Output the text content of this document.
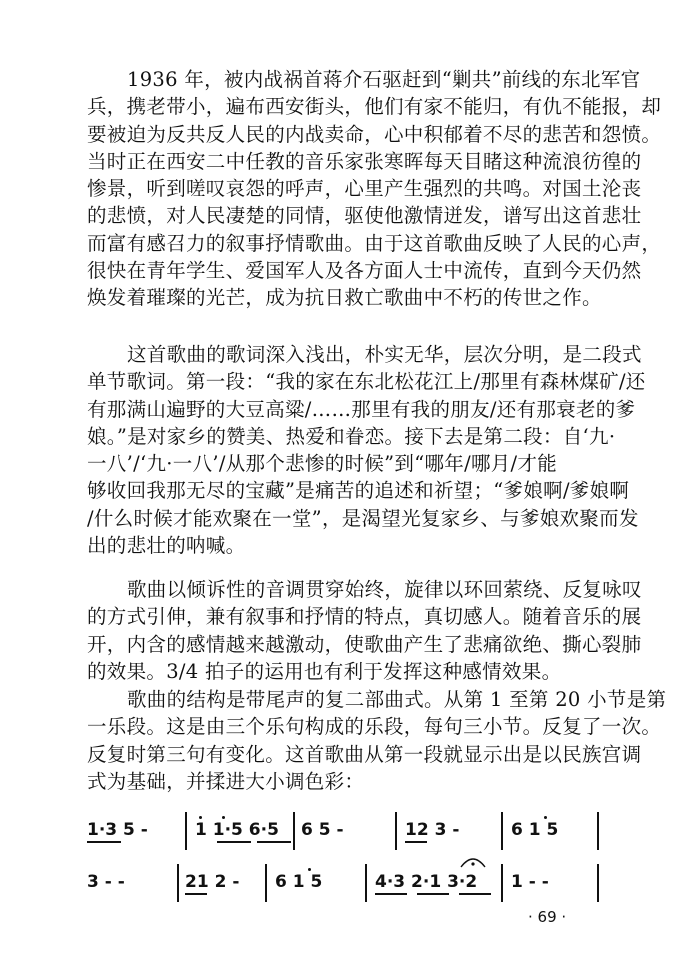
1936 年，被内战祸首蒋介石驱赶到“剿共”前线的东北军官
兵，携老带小，遍布西安街头，他们有家不能归，有仇不能报，却
要被迫为反共反人民的内战卖命，心中积郁着不尽的悲苦和怨愤。
当时正在西安二中任教的音乐家张寒晖每天目睹这种流浪彷徨的
惨景，听到嗟叹哀怨的呼声，心里产生强烈的共鸣。对国土沦丧
的悲愤，对人民凄楚的同情，驱使他激情迸发，谱写出这首悲壮
而富有感召力的叙事抒情歌曲。由于这首歌曲反映了人民的心声，
很快在青年学生、爱国军人及各方面人士中流传，直到今天仍然
焕发着璀璨的光芒，成为抗日救亡歌曲中不朽的传世之作。
这首歌曲的歌词深入浅出，朴实无华，层次分明，是二段式
单节歌词。第一段：“我的家在东北松花江上/那里有森林煤矿/还
有那满山遍野的大豆高粱/……那里有我的朋友/还有那衰老的爹
娘。”是对家乡的赞美、热爱和眷恋。接下去是第二段：自‘九·
一八’/‘九·一八’/从那个悲惨的时候”到“哪年/哪月/才能
够收回我那无尽的宝藏”是痛苦的追述和祈望；“爹娘啊/爹娘啊
/什么时候才能欢聚在一堂”，是渴望光复家乡、与爹娘欢聚而发
出的悲壮的呐喊。
歌曲以倾诉性的音调贯穿始终，旋律以环回萦绕、反复咏叹
的方式引伸，兼有叙事和抒情的特点，真切感人。随着音乐的展
开，内含的感情越来越激动，使歌曲产生了悲痛欲绝、撕心裂肺
的效果。3/4 拍子的运用也有利于发挥这种感情效果。
歌曲的结构是带尾声的复二部曲式。从第 1 至第 20 小节是第
一乐段。这是由三个乐句构成的乐段，每句三小节。反复了一次。
反复时第三句有变化。这首歌曲从第一段就显示出是以民族宫调
式为基础，并揉进大小调色彩：
1·3 5 -	1 1·5 6·5 6 5 -	12 3 -	6 1 5
3 - -	21 2 - 6 1 5	4·3 2·1 3·2 1 - -
· 69 ·
